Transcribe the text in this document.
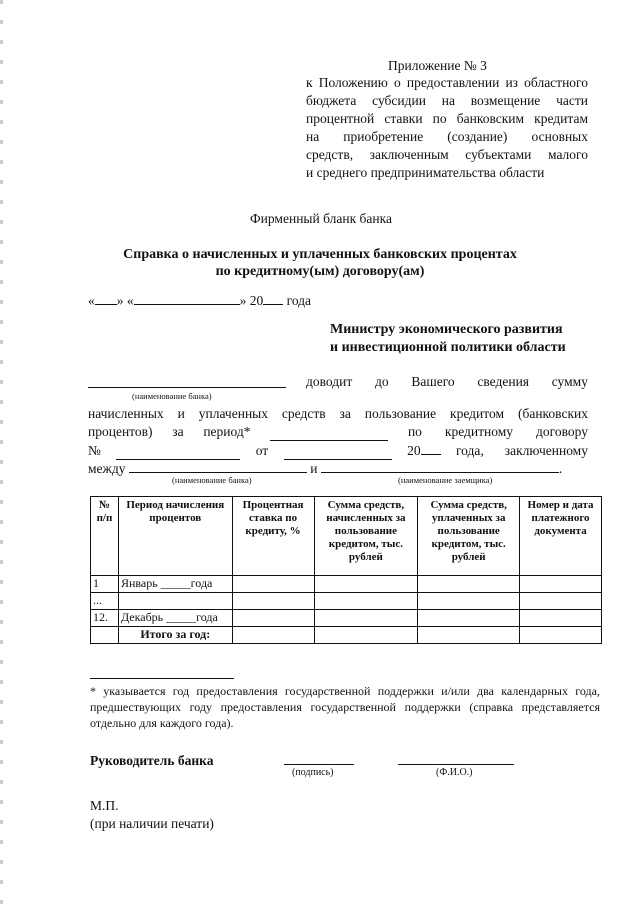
Приложение № 3
к Положению о предоставлении из областного
бюджета субсидии на возмещение части
процентной ставки по банковским кредитам
на приобретение (создание) основных
средств, заключенным субъектами малого
и среднего предпринимательства области
Фирменный бланк банка
Справка о начисленных и уплаченных банковских процентах
по кредитному(ым) договору(ам)
« » «	» 20 года
Министру экономического развития
и инвестиционной политики области
доводит до Вашего сведения сумму
(наименование банка)
начисленных и уплаченных средств за пользование кредитом (банковских
процентов) за период*	по кредитному договору
№	от	20	года, заключенному
между	и	.
(наименование банка)	(наименование заемщика)
№ п/п	Период начисления процентов	Процентная ставка по кредиту, %	Сумма средств, начисленных за пользование кредитом, тыс. рублей	Сумма средств, уплаченных за пользование кредитом, тыс. рублей	Номер и дата платежного документа
1	Январь _____года				
...					
12.	Декабрь _____года				
	Итого за год:				
* указывается год предоставления государственной поддержки и/или два календарных года, предшествующих году предоставления государственной поддержки (справка представляется отдельно для каждого года).
Руководитель банка
(подпись)	(Ф.И.О.)
М.П.
(при наличии печати)
